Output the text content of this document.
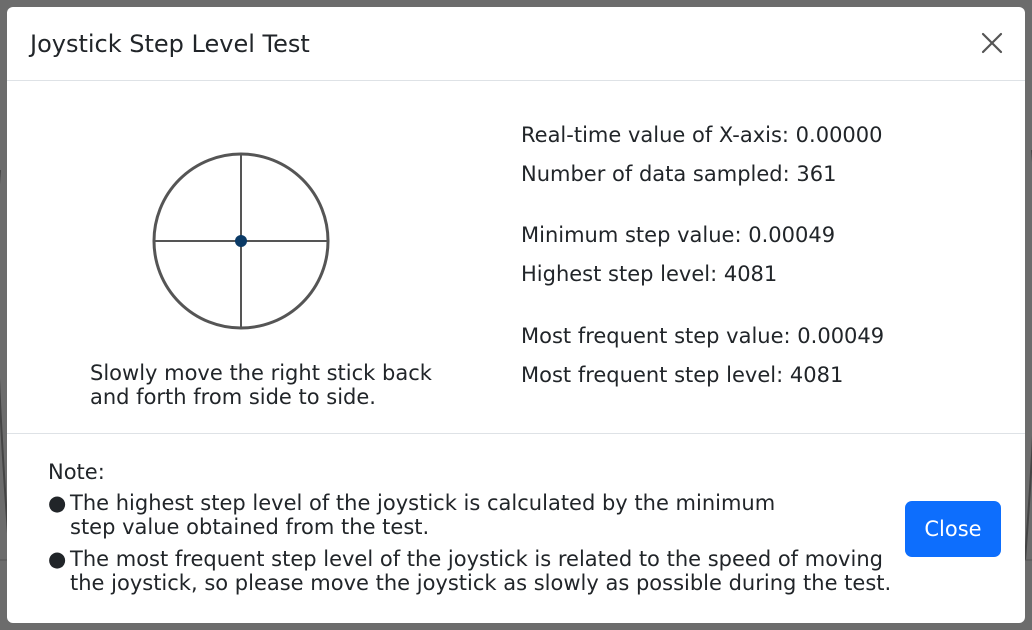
Joystick Step Level Test
Slowly move the right stick back and forth from side to side.
Real-time value of X-axis: 0.00000
Number of data sampled: 361
Minimum step value: 0.00049
Highest step level: 4081
Most frequent step value: 0.00049
Most frequent step level: 4081
Note:
● The highest step level of the joystick is calculated by the minimum
step value obtained from the test.
● The most frequent step level of the joystick is related to the speed of moving
the joystick, so please move the joystick as slowly as possible during the test.
Close
